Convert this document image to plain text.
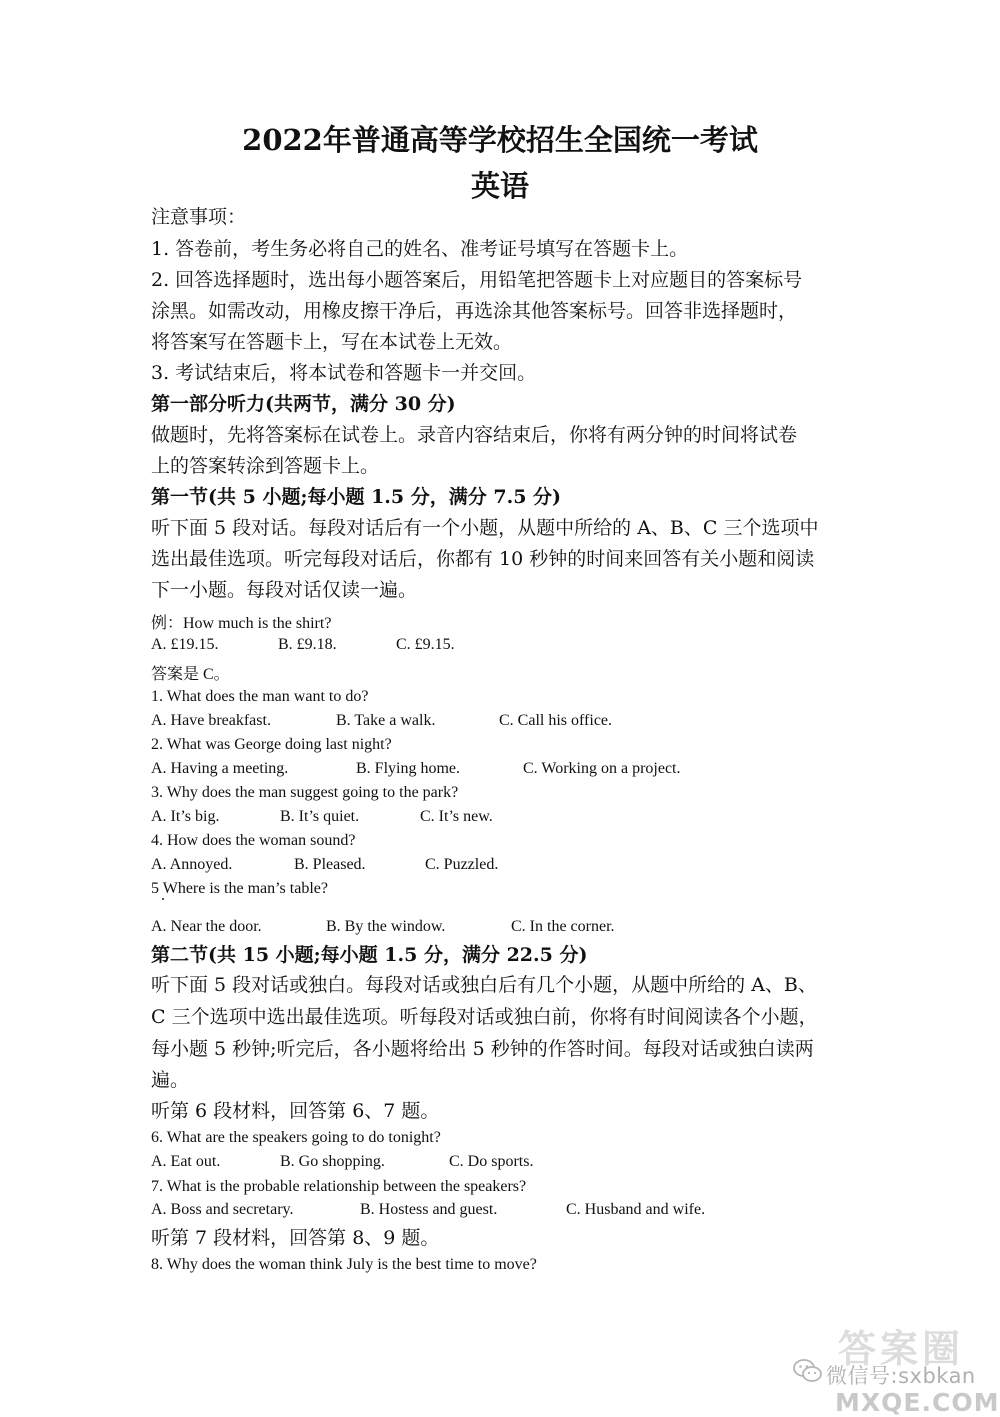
2022年普通高等学校招生全国统一考试
英语
注意事项：
1. 答卷前，考生务必将自己的姓名、准考证号填写在答题卡上。
2. 回答选择题时，选出每小题答案后，用铅笔把答题卡上对应题目的答案标号
涂黑。如需改动，用橡皮擦干净后，再选涂其他答案标号。回答非选择题时，
将答案写在答题卡上，写在本试卷上无效。
3. 考试结束后，将本试卷和答题卡一并交回。
第一部分听力(共两节，满分 30 分)
做题时，先将答案标在试卷上。录音内容结束后，你将有两分钟的时间将试卷
上的答案转涂到答题卡上。
第一节(共 5 小题;每小题 1.5 分，满分 7.5 分)
听下面 5 段对话。每段对话后有一个小题，从题中所给的 A、B、C 三个选项中
选出最佳选项。听完每段对话后，你都有 10 秒钟的时间来回答有关小题和阅读
下一小题。每段对话仅读一遍。
例：How much is the shirt?
A. £19.15.	B. £9.18.	C. £9.15.
答案是 C。
1. What does the man want to do?
A. Have breakfast.	B. Take a walk.	C. Call his office.
2. What was George doing last night?
A. Having a meeting.	B. Flying home.	C. Working on a project.
3. Why does the man suggest going to the park?
A. It’s big.	B. It’s quiet.	C. It’s new.
4. How does the woman sound?
A. Annoyed.	B. Pleased.	C. Puzzled.
5 Where is the man’s table?
A. Near the door.	B. By the window.	C. In the corner.
第二节(共 15 小题;每小题 1.5 分，满分 22.5 分)
听下面 5 段对话或独白。每段对话或独白后有几个小题，从题中所给的 A、B、
C 三个选项中选出最佳选项。听每段对话或独白前，你将有时间阅读各个小题，
每小题 5 秒钟;听完后，各小题将给出 5 秒钟的作答时间。每段对话或独白读两
遍。
听第 6 段材料，回答第 6、7 题。
6. What are the speakers going to do tonight?
A. Eat out.	B. Go shopping.	C. Do sports.
7. What is the probable relationship between the speakers?
A. Boss and secretary.	B. Hostess and guest.	C. Husband and wife.
听第 7 段材料，回答第 8、9 题。
8. Why does the woman think July is the best time to move?
答案圈
微信号:sxbkan
MXQE.COM
